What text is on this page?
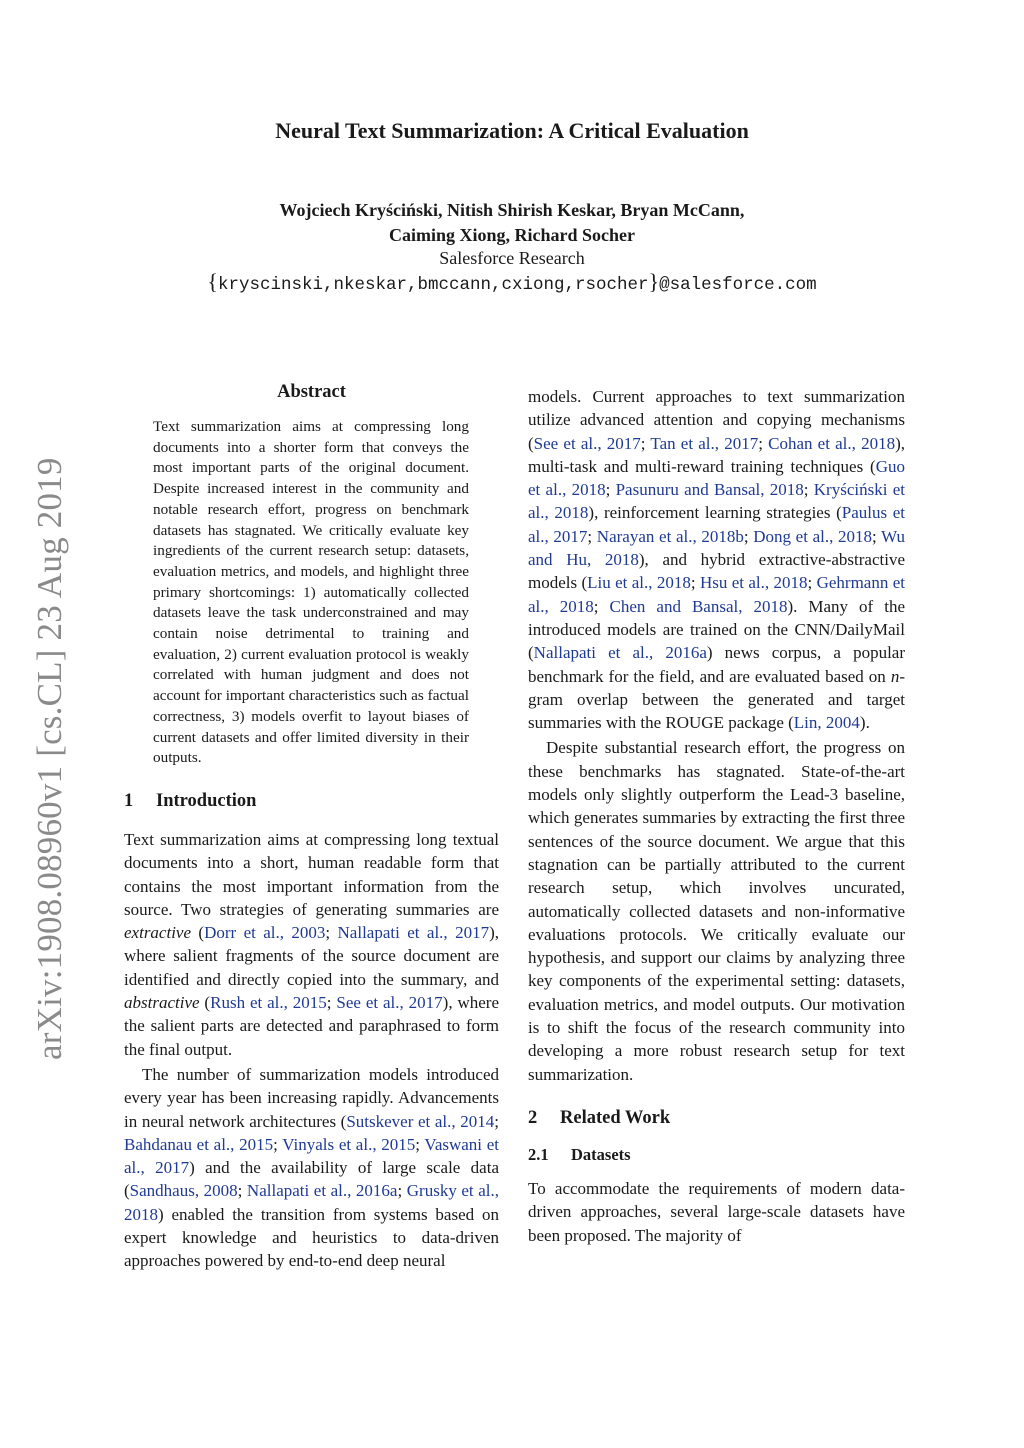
Neural Text Summarization: A Critical Evaluation
Wojciech Kryściński, Nitish Shirish Keskar, Bryan McCann,
Caiming Xiong, Richard Socher
Salesforce Research
{kryscinski,nkeskar,bmccann,cxiong,rsocher}@salesforce.com
arXiv:1908.08960v1 [cs.CL] 23 Aug 2019
Abstract
Text summarization aims at compressing long documents into a shorter form that conveys the most important parts of the original document. Despite increased interest in the community and notable research effort, progress on benchmark datasets has stagnated. We critically evaluate key ingredients of the current research setup: datasets, evaluation metrics, and models, and highlight three primary shortcomings: 1) automatically collected datasets leave the task underconstrained and may contain noise detrimental to training and evaluation, 2) current evaluation protocol is weakly correlated with human judgment and does not account for important characteristics such as factual correctness, 3) models overfit to layout biases of current datasets and offer limited diversity in their outputs.
1 Introduction

Text summarization aims at compressing long textual documents into a short, human readable form that contains the most important information from the source. Two strategies of generating summaries are extractive (Dorr et al., 2003; Nallapati et al., 2017), where salient fragments of the source document are identified and directly copied into the summary, and abstractive (Rush et al., 2015; See et al., 2017), where the salient parts are detected and paraphrased to form the final output.

The number of summarization models introduced every year has been increasing rapidly. Advancements in neural network architectures (Sutskever et al., 2014; Bahdanau et al., 2015; Vinyals et al., 2015; Vaswani et al., 2017) and the availability of large scale data (Sandhaus, 2008; Nallapati et al., 2016a; Grusky et al., 2018) enabled the transition from systems based on expert knowledge and heuristics to data-driven approaches powered by end-to-end deep neural

models. Current approaches to text summarization utilize advanced attention and copying mechanisms (See et al., 2017; Tan et al., 2017; Cohan et al., 2018), multi-task and multi-reward training techniques (Guo et al., 2018; Pasunuru and Bansal, 2018; Kryściński et al., 2018), reinforcement learning strategies (Paulus et al., 2017; Narayan et al., 2018b; Dong et al., 2018; Wu and Hu, 2018), and hybrid extractive-abstractive models (Liu et al., 2018; Hsu et al., 2018; Gehrmann et al., 2018; Chen and Bansal, 2018). Many of the introduced models are trained on the CNN/DailyMail (Nallapati et al., 2016a) news corpus, a popular benchmark for the field, and are evaluated based on n-gram overlap between the generated and target summaries with the ROUGE package (Lin, 2004).

Despite substantial research effort, the progress on these benchmarks has stagnated. State-of-the-art models only slightly outperform the Lead-3 baseline, which generates summaries by extracting the first three sentences of the source document. We argue that this stagnation can be partially attributed to the current research setup, which involves uncurated, automatically collected datasets and non-informative evaluations protocols. We critically evaluate our hypothesis, and support our claims by analyzing three key components of the experimental setting: datasets, evaluation metrics, and model outputs. Our motivation is to shift the focus of the research community into developing a more robust research setup for text summarization.

2 Related Work
2.1 Datasets

To accommodate the requirements of modern data-driven approaches, several large-scale datasets have been proposed. The majority of
